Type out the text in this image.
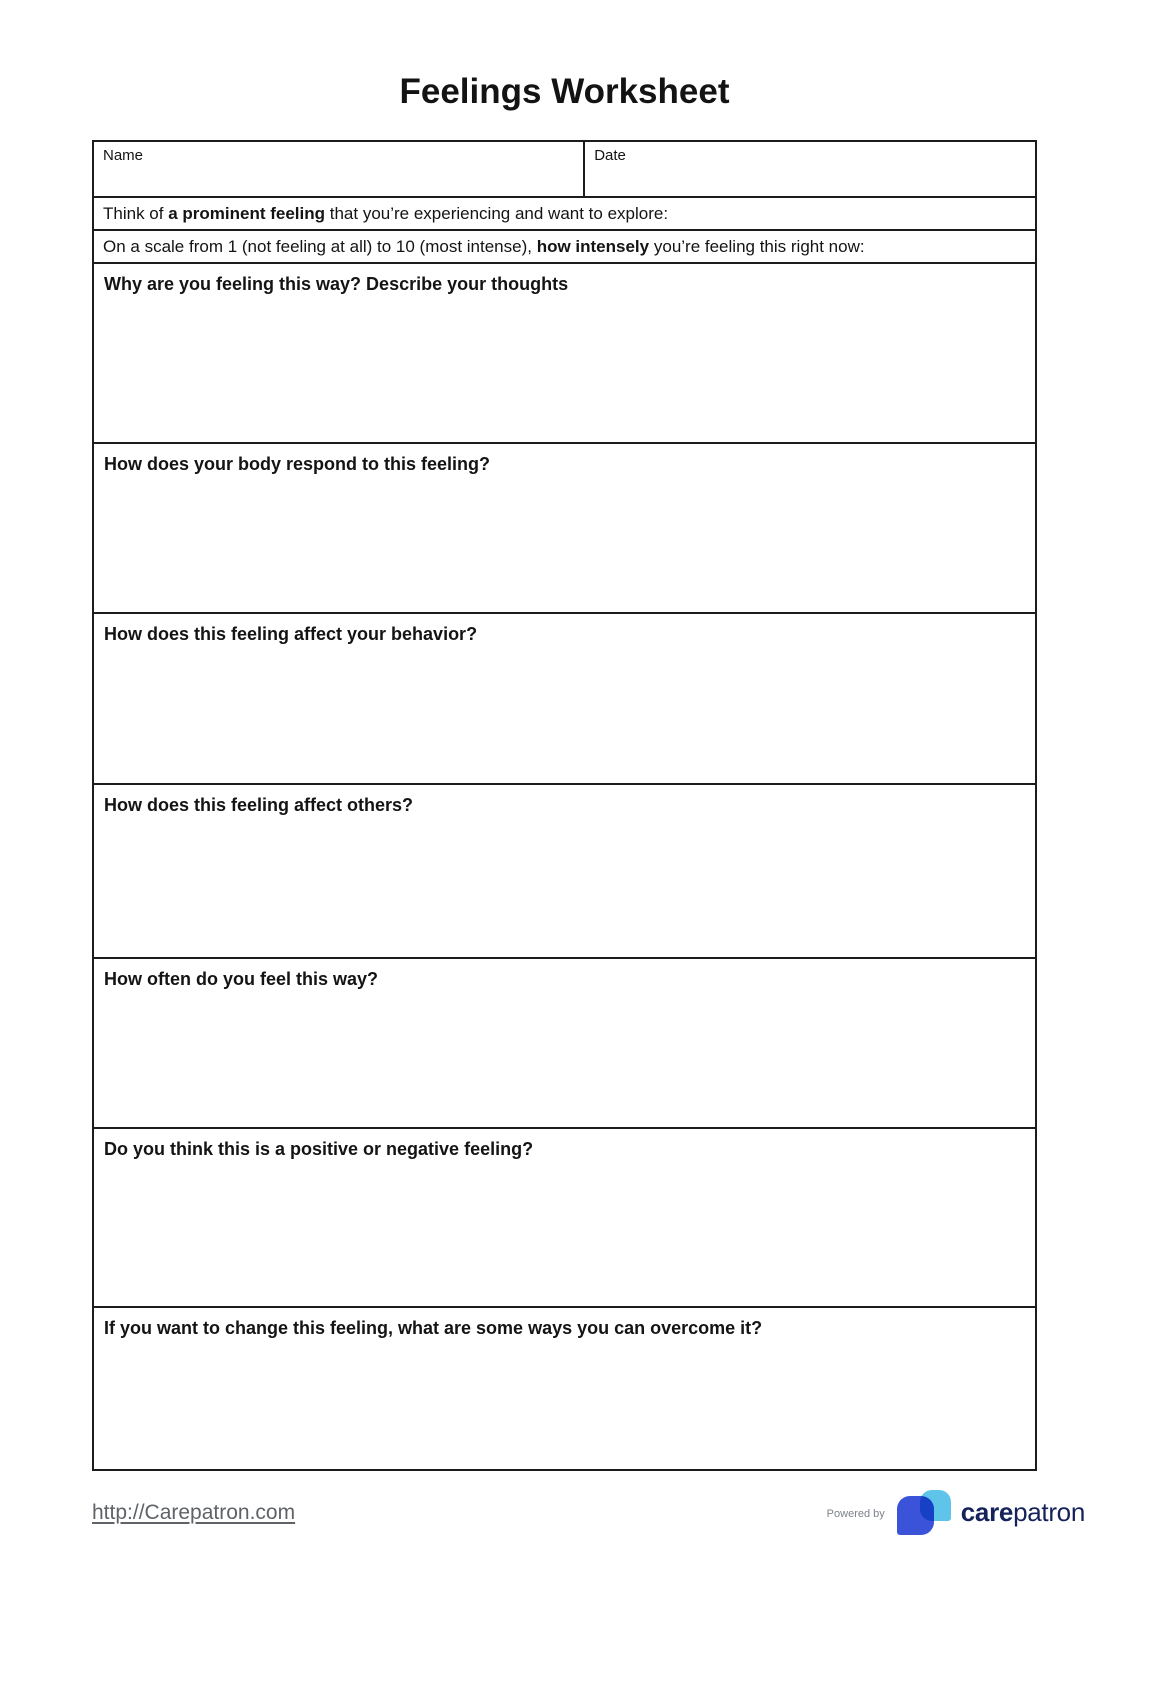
Feelings Worksheet
Name	Date
Think of a prominent feeling that you’re experiencing and want to explore:
On a scale from 1 (not feeling at all) to 10 (most intense), how intensely you’re feeling this right now:
Why are you feeling this way? Describe your thoughts
How does your body respond to this feeling?
How does this feeling affect your behavior?
How does this feeling affect others?
How often do you feel this way?
Do you think this is a positive or negative feeling?
If you want to change this feeling, what are some ways you can overcome it?
http://Carepatron.com	Powered by	carepatron
